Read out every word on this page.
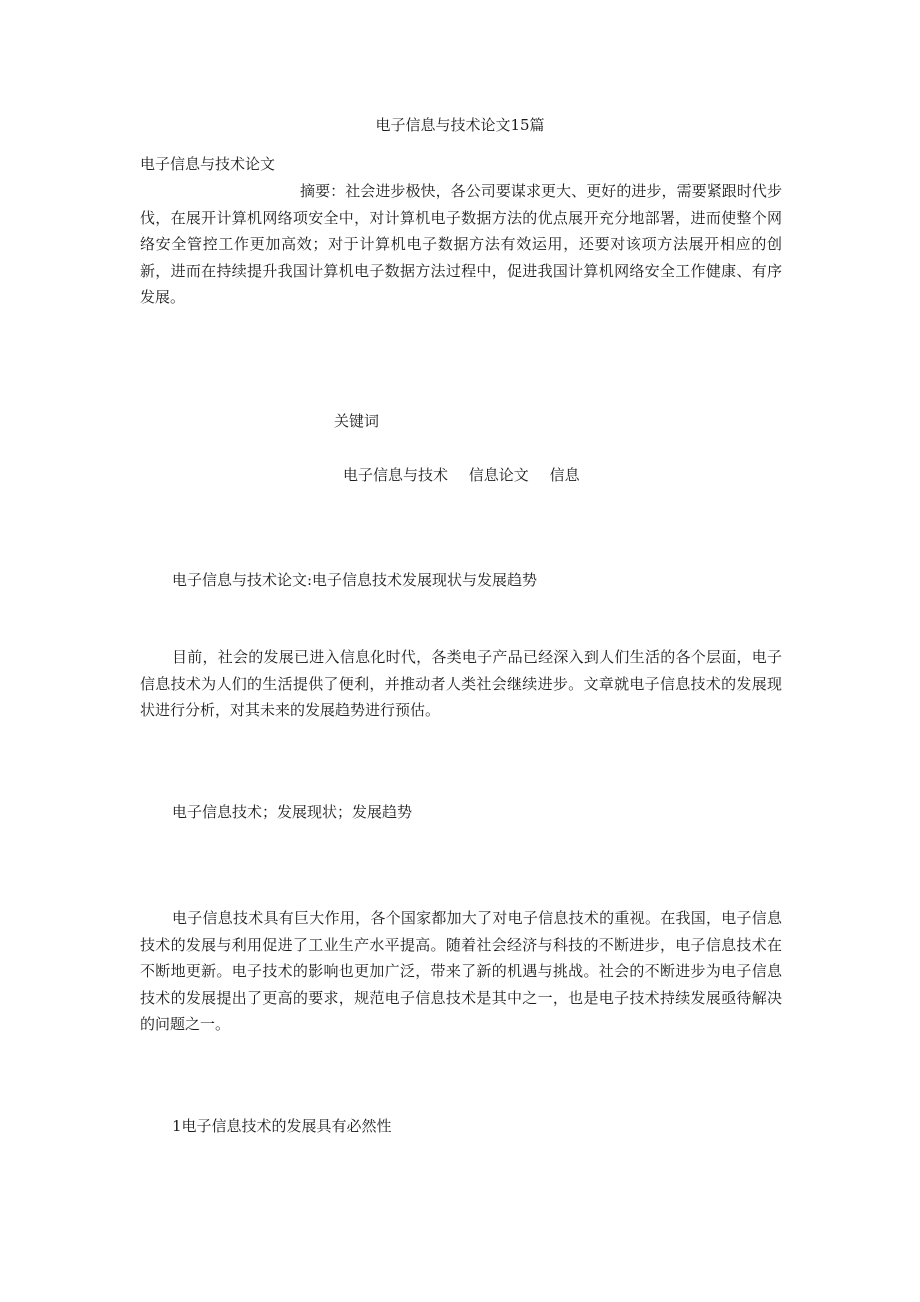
电子信息与技术论文15篇
电子信息与技术论文
摘要：社会进步极快，各公司要谋求更大、更好的进步，需要紧跟时代步伐，在展开计算机网络项安全中，对计算机电子数据方法的优点展开充分地部署，进而使整个网络安全管控工作更加高效；对于计算机电子数据方法有效运用，还要对该项方法展开相应的创新，进而在持续提升我国计算机电子数据方法过程中，促进我国计算机网络安全工作健康、有序发展。
关键词
电子信息与技术 信息论文 信息
电子信息与技术论文:电子信息技术发展现状与发展趋势
目前，社会的发展已进入信息化时代，各类电子产品已经深入到人们生活的各个层面，电子信息技术为人们的生活提供了便利，并推动者人类社会继续进步。文章就电子信息技术的发展现状进行分析，对其未来的发展趋势进行预估。
电子信息技术；发展现状；发展趋势
电子信息技术具有巨大作用，各个国家都加大了对电子信息技术的重视。在我国，电子信息技术的发展与利用促进了工业生产水平提高。随着社会经济与科技的不断进步，电子信息技术在不断地更新。电子技术的影响也更加广泛，带来了新的机遇与挑战。社会的不断进步为电子信息技术的发展提出了更高的要求，规范电子信息技术是其中之一，也是电子技术持续发展亟待解决的问题之一。
1电子信息技术的发展具有必然性
